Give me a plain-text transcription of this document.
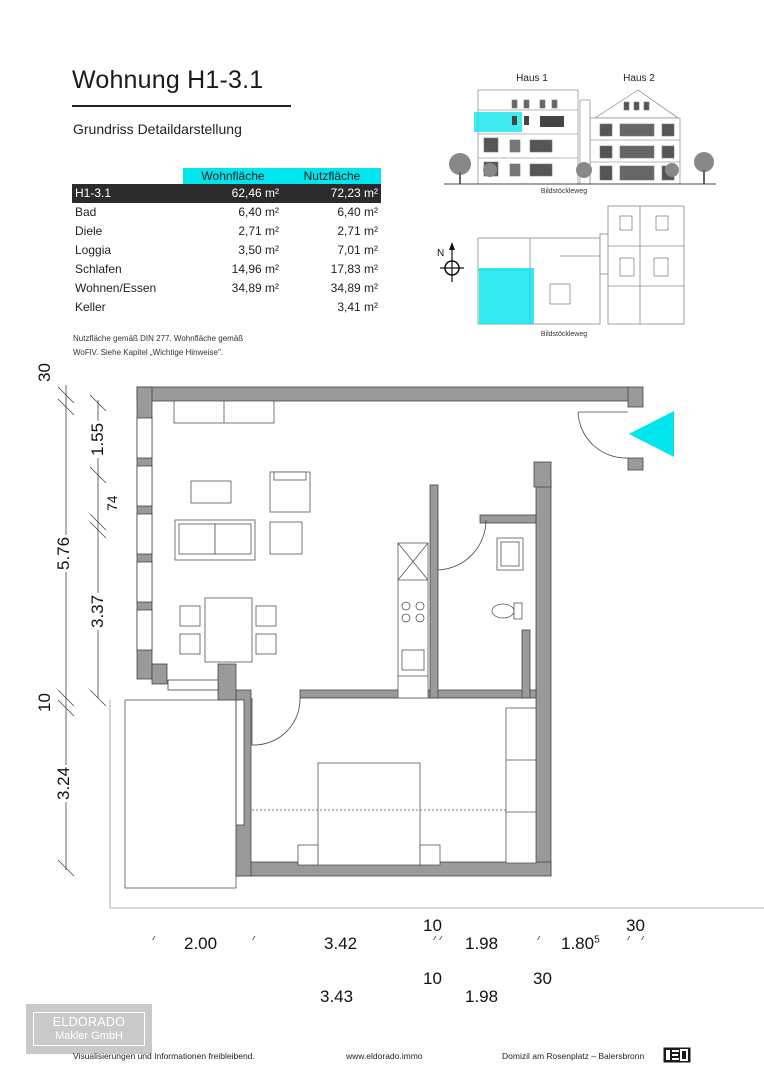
Wohnung H1-3.1
Grundriss Detaildarstellung
	Wohnfläche	Nutzfläche
H1-3.1	62,46 m²	72,23 m²
Bad	6,40 m²	6,40 m²
Diele	2,71 m²	2,71 m²
Loggia	3,50 m²	7,01 m²
Schlafen	14,96 m²	17,83 m²
Wohnen/Essen	34,89 m²	34,89 m²
Keller		3,41 m²
Nutzfläche gemäß DIN 277. Wohnfläche gemäß
WoFlV. Siehe Kapitel „Wichtige Hinweise".
Haus 1	Haus 2
Bildstöckleweg
N
Bildstöckleweg
30
1.55
74
5.76
3.37
10
3.24
2.00	3.42
10
1.98	1.80$^5$
30
3.43
10
1.98
30
ELDORADO
Makler GmbH
Visualisierungen und Informationen freibleibend.	www.eldorado.immo	Domizil am Rosenplatz – Baiersbronn
